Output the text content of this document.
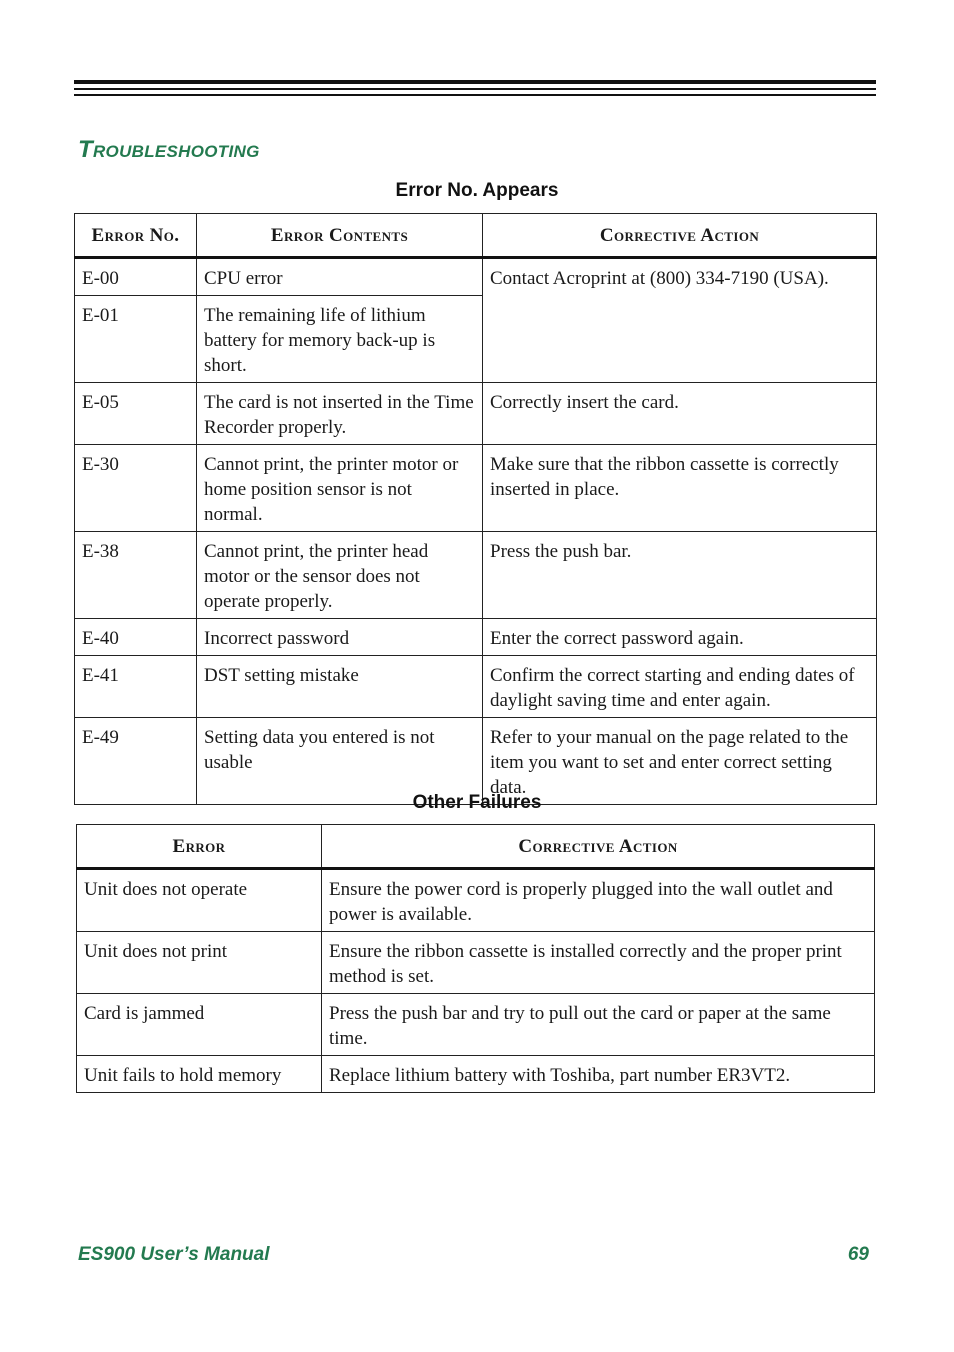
TROUBLESHOOTING
Error No. Appears
Error No.	Error Contents	Corrective Action
E-00	CPU error	Contact Acroprint at (800) 334-7190 (USA).
E-01	The remaining life of lithium battery for memory back-up is short.	
E-05	The card is not inserted in the Time Recorder properly.	Correctly insert the card.
E-30	Cannot print, the printer motor or home position sensor is not normal.	Make sure that the ribbon cassette is correctly inserted in place.
E-38	Cannot print, the printer head motor or the sensor does not operate properly.	Press the push bar.
E-40	Incorrect password	Enter the correct password again.
E-41	DST setting mistake	Confirm the correct starting and ending dates of daylight saving time and enter again.
E-49	Setting data you entered is not usable	Refer to your manual on the page related to the item you want to set and enter correct setting data.
Other Failures
Error	Corrective Action
Unit does not operate	Ensure the power cord is properly plugged into the wall outlet and power is available.
Unit does not print	Ensure the ribbon cassette is installed correctly and the proper print method is set.
Card is jammed	Press the push bar and try to pull out the card or paper at the same time.
Unit fails to hold memory	Replace lithium battery with Toshiba, part number ER3VT2.
ES900 User’s Manual	69
